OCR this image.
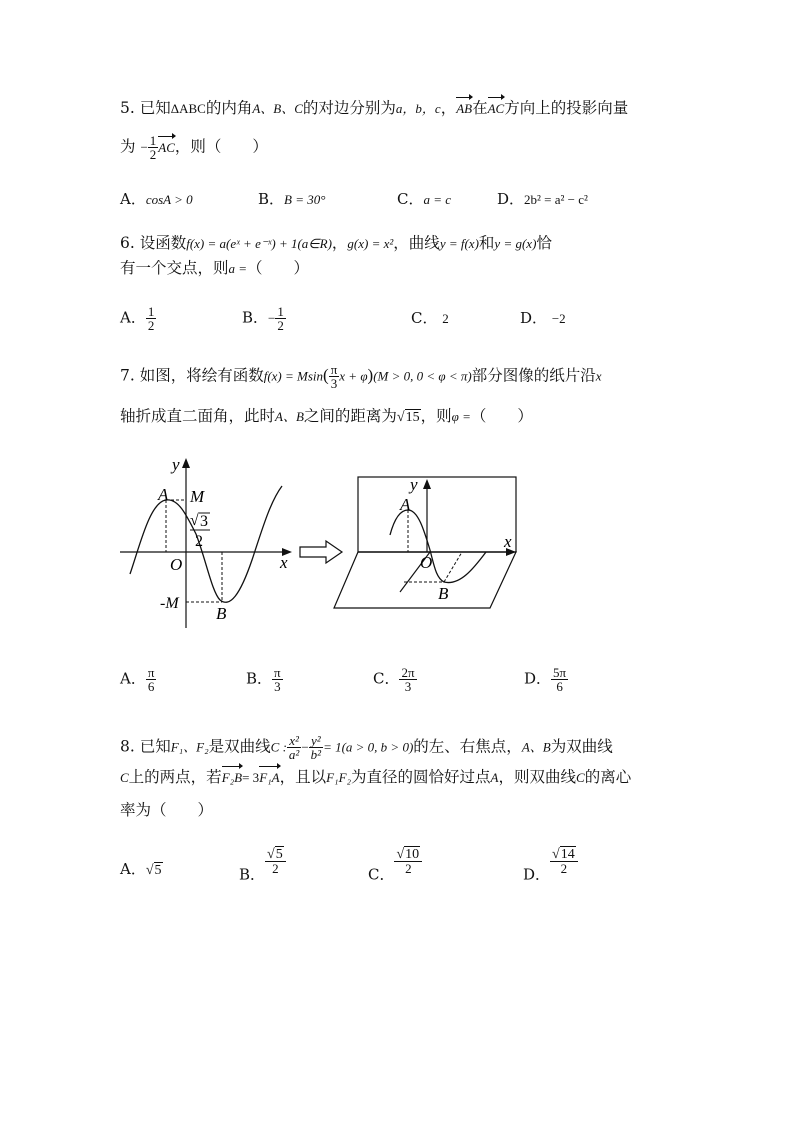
5. 已知ΔABC的内角A、B、C的对边分别为a，b，c，AB在AC方向上的投影向量
为 − $\frac{1}{2}$ AC，则（　　）
A．cosA > 0	B．B = 30°	C．a = c	D．2b² = a² − c²
6. 设函数f(x) = a(eˣ + e⁻ˣ) + 1(a∈R)，g(x) = x²，曲线y = f(x)和y = g(x)恰
有一个交点，则a =（　　）
A． $\frac{1}{2}$	B．− $\frac{1}{2}$	C． 2	D． −2
7. 如图，将绘有函数$f(x) = Msin( \frac{\pi}{3}$ x + φ)(M > 0, 0 < φ < π)部分图像的纸片沿x
轴折成直二面角，此时A、B之间的距离为√15，则φ =（　　）
y
A M
√ 3
2
O	x
-M
B
y
A
x
O
B
A． $\frac{\pi}{6}$	B． $\frac{\pi}{3}$	C． $\frac{2\pi}{3}$	D． $\frac{5\pi}{6}$
8. 已知F₁、F₂是双曲线C : $\frac{\text{x²}}{\text{a²}} - \frac{\text{y²}}{\text{b²}} = 1(a > 0$, b > 0)的左、右焦点，A、B为双曲线
C上的两点，若F₂B= 3F₁A，且以F₁F₂为直径的圆恰好过点A，则双曲线C的离心
率为（　　）
A．√5	B． $\frac{√5}{2}$	C． $\frac{√10}{2}$	D． $\frac{√14}{2}$
